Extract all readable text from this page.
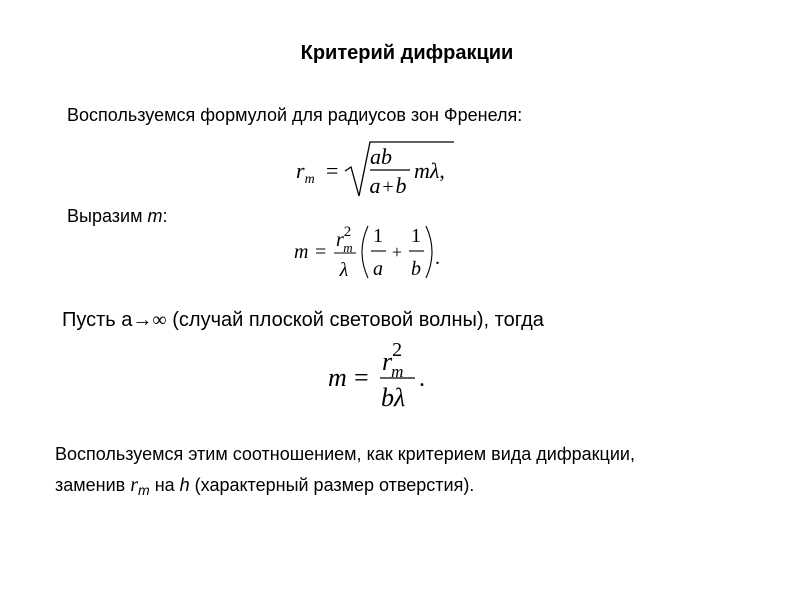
Критерий дифракции
Воспользуемся формулой для радиусов зон Френеля:
$r_m$ =
ab
a + b
mλ,
Выразим m:
m =
$r^2$ m
λ
1
a
+
1
b .
Пусть a→∞ (случай плоской световой волны), тогда
m =
$r^2$ m
bλ
.
Воспользуемся этим соотношением, как критерием вида дифракции,
заменив $r_m$ на h (характерный размер отверстия).
